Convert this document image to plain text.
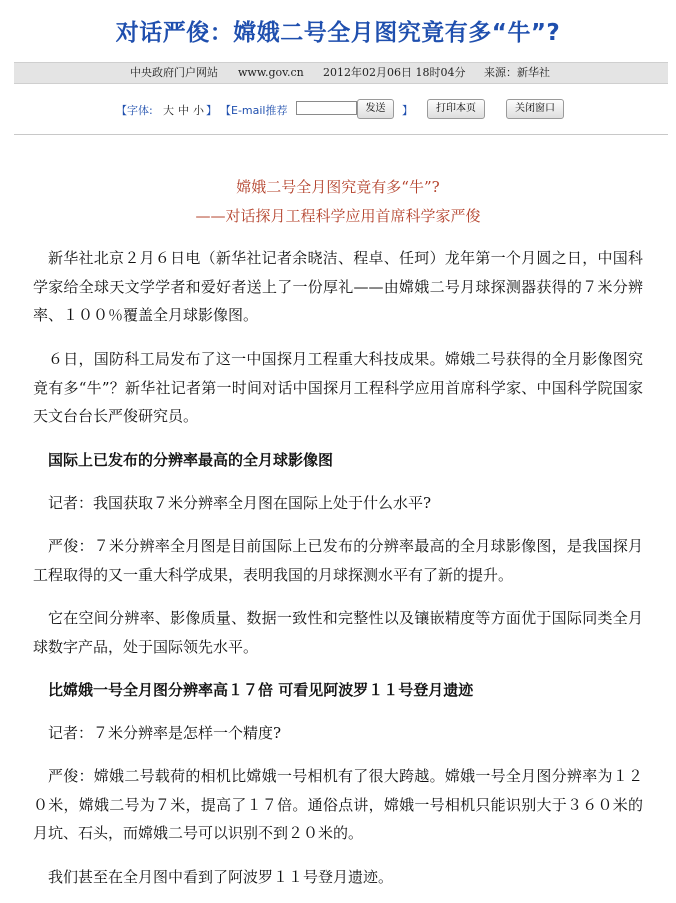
对话严俊：嫦娥二号全月图究竟有多“牛”?
中央政府门户网站 www.gov.cn 2012年02月06日 18时04分 来源：新华社
【字体: 大 中 小 】 【E-mail推荐	发送	】	打印本页	关闭窗口
嫦娥二号全月图究竟有多“牛”?
——对话探月工程科学应用首席科学家严俊

新华社北京２月６日电（新华社记者余晓洁、程卓、任珂）龙年第一个月圆之日，中国科学家给全球天文学学者和爱好者送上了一份厚礼——由嫦娥二号月球探测器获得的７米分辨率、１００％覆盖全月球影像图。

６日，国防科工局发布了这一中国探月工程重大科技成果。嫦娥二号获得的全月影像图究竟有多“牛”？新华社记者第一时间对话中国探月工程科学应用首席科学家、中国科学院国家天文台台长严俊研究员。

国际上已发布的分辨率最高的全月球影像图

记者：我国获取７米分辨率全月图在国际上处于什么水平?

严俊：７米分辨率全月图是目前国际上已发布的分辨率最高的全月球影像图，是我国探月工程取得的又一重大科学成果，表明我国的月球探测水平有了新的提升。

它在空间分辨率、影像质量、数据一致性和完整性以及镶嵌精度等方面优于国际同类全月球数字产品，处于国际领先水平。

比嫦娥一号全月图分辨率高１７倍 可看见阿波罗１１号登月遗迹

记者：７米分辨率是怎样一个精度?

严俊：嫦娥二号载荷的相机比嫦娥一号相机有了很大跨越。嫦娥一号全月图分辨率为１２０米，嫦娥二号为７米，提高了１７倍。通俗点讲，嫦娥一号相机只能识别大于３６０米的月坑、石头，而嫦娥二号可以识别不到２０米的。

我们甚至在全月图中看到了阿波罗１１号登月遗迹。
